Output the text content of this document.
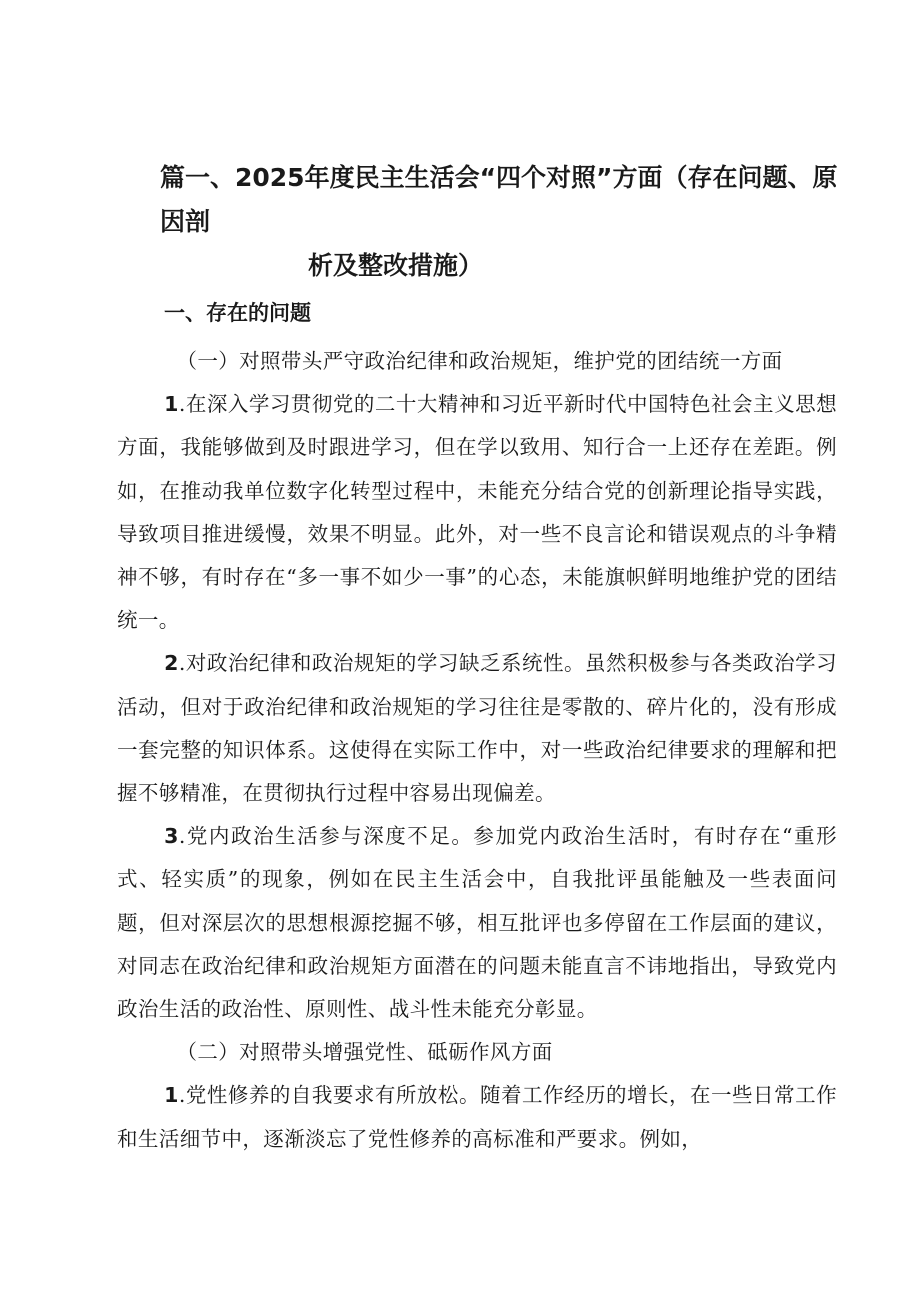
篇一、2025年度民主生活会“四个对照”方面（存在问题、原因剖
析及整改措施）
一、存在的问题

（一）对照带头严守政治纪律和政治规矩，维护党的团结统一方面

1.在深入学习贯彻党的二十大精神和习近平新时代中国特色社会主义思想方面，我能够做到及时跟进学习，但在学以致用、知行合一上还存在差距。例如，在推动我单位数字化转型过程中，未能充分结合党的创新理论指导实践，导致项目推进缓慢，效果不明显。此外，对一些不良言论和错误观点的斗争精神不够，有时存在“多一事不如少一事”的心态，未能旗帜鲜明地维护党的团结统一。

2.对政治纪律和政治规矩的学习缺乏系统性。虽然积极参与各类政治学习活动，但对于政治纪律和政治规矩的学习往往是零散的、碎片化的，没有形成一套完整的知识体系。这使得在实际工作中，对一些政治纪律要求的理解和把握不够精准，在贯彻执行过程中容易出现偏差。

3.党内政治生活参与深度不足。参加党内政治生活时，有时存在“重形式、轻实质”的现象，例如在民主生活会中，自我批评虽能触及一些表面问题，但对深层次的思想根源挖掘不够，相互批评也多停留在工作层面的建议，对同志在政治纪律和政治规矩方面潜在的问题未能直言不讳地指出，导致党内政治生活的政治性、原则性、战斗性未能充分彰显。

（二）对照带头增强党性、砥砺作风方面

1.党性修养的自我要求有所放松。随着工作经历的增长，在一些日常工作和生活细节中，逐渐淡忘了党性修养的高标准和严要求。例如，
